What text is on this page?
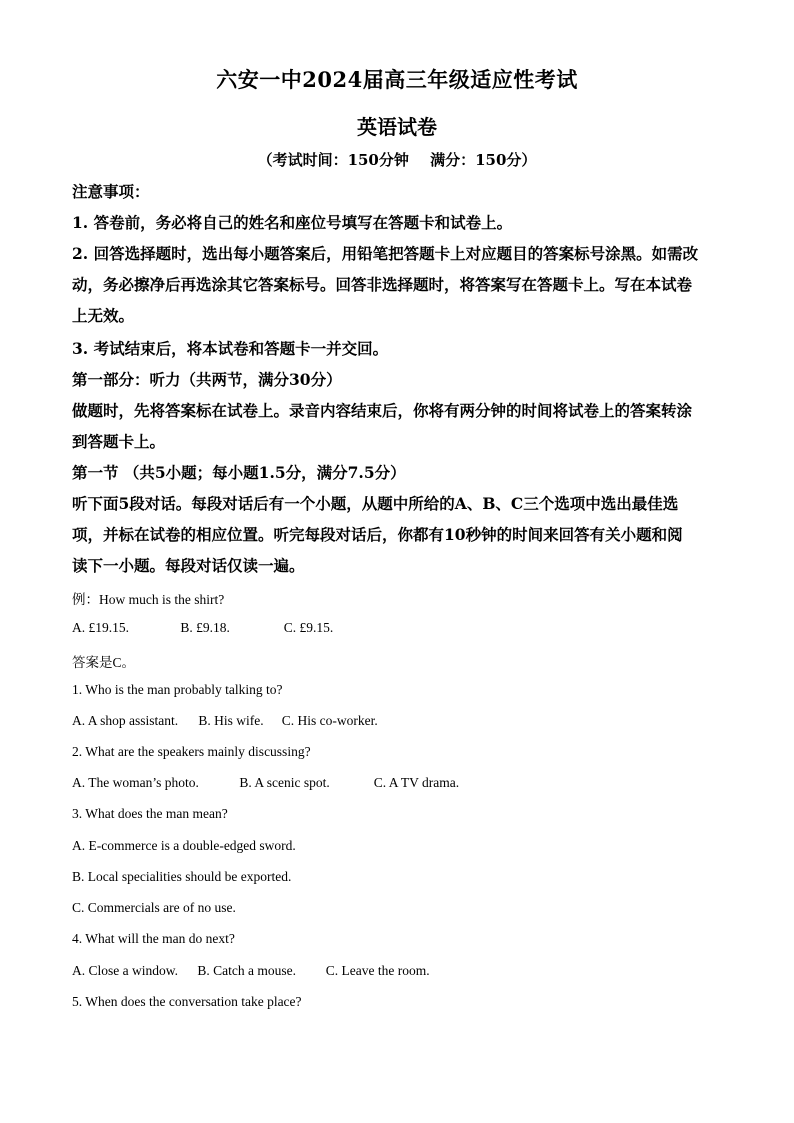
六安一中2024届高三年级适应性考试
英语试卷
（考试时间：150分钟 满分：150分）
注意事项：
1. 答卷前，务必将自己的姓名和座位号填写在答题卡和试卷上。
2. 回答选择题时，选出每小题答案后，用铅笔把答题卡上对应题目的答案标号涂黑。如需改
动，务必擦净后再选涂其它答案标号。回答非选择题时，将答案写在答题卡上。写在本试卷
上无效。
3. 考试结束后，将本试卷和答题卡一并交回。
第一部分：听力（共两节，满分30分）
做题时，先将答案标在试卷上。录音内容结束后，你将有两分钟的时间将试卷上的答案转涂
到答题卡上。
第一节 （共5小题；每小题1.5分，满分7.5分）
听下面5段对话。每段对话后有一个小题，从题中所给的A、B、C三个选项中选出最佳选
项，并标在试卷的相应位置。听完每段对话后，你都有10秒钟的时间来回答有关小题和阅
读下一小题。每段对话仅读一遍。
例：How much is the shirt?
A. £19.15.	B. £9.18.	C. £9.15.
答案是C。
1. Who is the man probably talking to?
A. A shop assistant. B. His wife. C. His co-worker.
2. What are the speakers mainly discussing?
A. The woman’s photo.	B. A scenic spot.	C. A TV drama.
3. What does the man mean?
A. E-commerce is a double-edged sword.
B. Local specialities should be exported.
C. Commercials are of no use.
4. What will the man do next?
A. Close a window. B. Catch a mouse. C. Leave the room.
5. When does the conversation take place?
